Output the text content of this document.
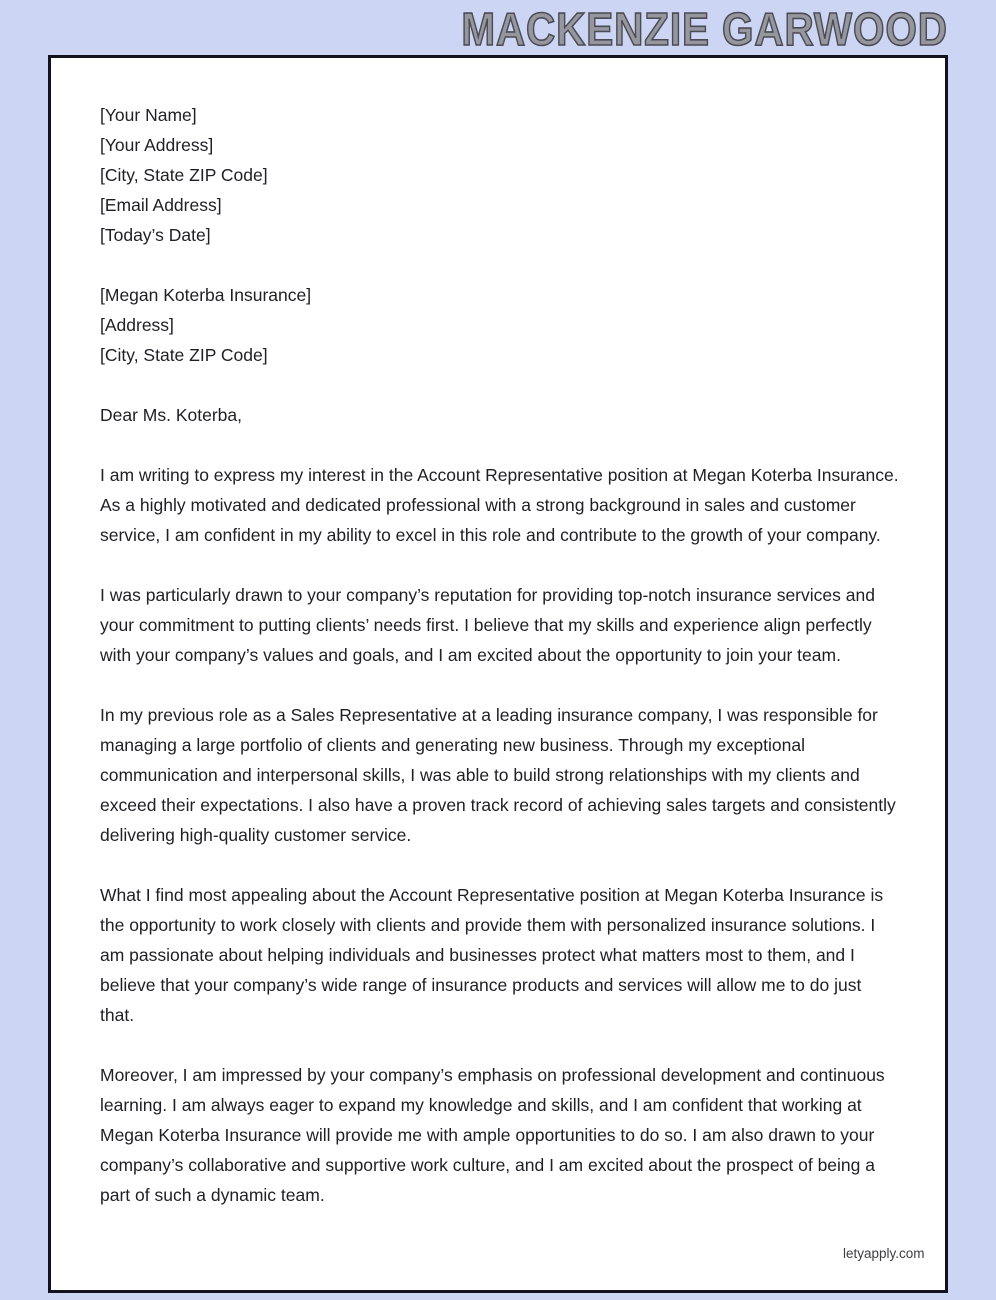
MACKENZIE GARWOOD
[Your Name]
[Your Address]
[City, State ZIP Code]
[Email Address]
[Today’s Date]
[Megan Koterba Insurance]
[Address]
[City, State ZIP Code]
Dear Ms. Koterba,

I am writing to express my interest in the Account Representative position at Megan Koterba Insurance. As a highly motivated and dedicated professional with a strong background in sales and customer service, I am confident in my ability to excel in this role and contribute to the growth of your company.

I was particularly drawn to your company’s reputation for providing top-notch insurance services and your commitment to putting clients’ needs first. I believe that my skills and experience align perfectly with your company’s values and goals, and I am excited about the opportunity to join your team.

In my previous role as a Sales Representative at a leading insurance company, I was responsible for managing a large portfolio of clients and generating new business. Through my exceptional communication and interpersonal skills, I was able to build strong relationships with my clients and exceed their expectations. I also have a proven track record of achieving sales targets and consistently delivering high-quality customer service.

What I find most appealing about the Account Representative position at Megan Koterba Insurance is the opportunity to work closely with clients and provide them with personalized insurance solutions. I am passionate about helping individuals and businesses protect what matters most to them, and I believe that your company’s wide range of insurance products and services will allow me to do just that.

Moreover, I am impressed by your company’s emphasis on professional development and continuous learning. I am always eager to expand my knowledge and skills, and I am confident that working at Megan Koterba Insurance will provide me with ample opportunities to do so. I am also drawn to your company’s collaborative and supportive work culture, and I am excited about the prospect of being a part of such a dynamic team.

letyapply.com
